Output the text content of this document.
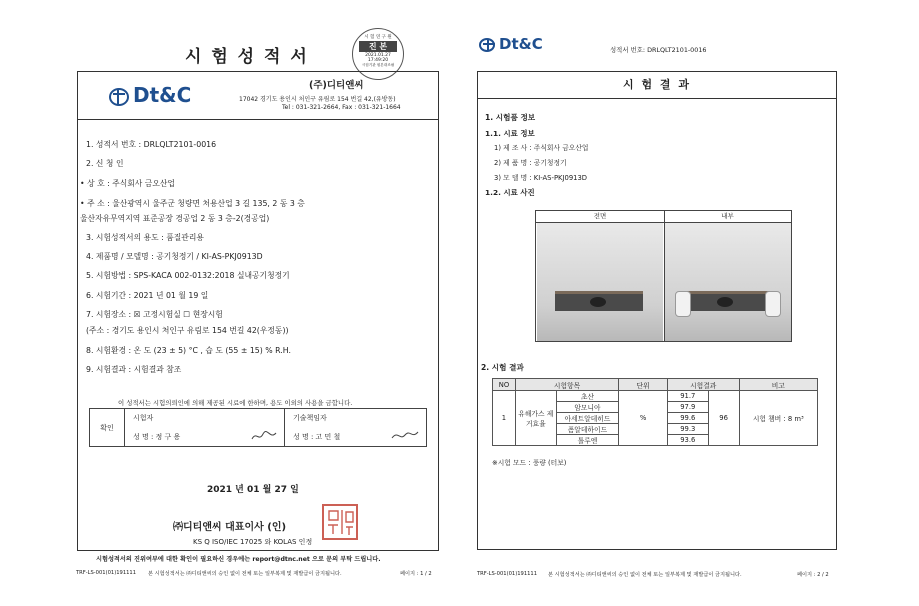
시 험 성 적 서
시 험 연 구 원
진 본
2021.01.27
17:49:20
시험기관 원본대조필
Dt&C	(주)디티앤씨
17042 경기도 용인시 처인구 유림로 154 번길 42,(유방동)
Tel : 031-321-2664, Fax : 031-321-1664
1. 성적서 번호 : DRLQLT2101-0016
2. 신 청 인
• 상 호 : 주식회사 금오산업
• 주 소 : 울산광역시 울주군 청량면 처용산업 3 길 135, 2 동 3 층
울산자유무역지역 표준공장 경공업 2 동 3 층-2(경공업)
3. 시험성적서의 용도 : 품질관리용
4. 제품명 / 모델명 : 공기청정기 / KI-AS-PKJ0913D
5. 시험방법 : SPS-KACA 002-0132:2018 실내공기청정기
6. 시험기간 : 2021 년 01 월 19 일
7. 시험장소 : ☒ 고정시험실 ☐ 현장시험
(주소 : 경기도 용인시 처인구 유림로 154 번길 42(우정동))
8. 시험환경 : 온 도 (23 ± 5) °C , 습 도 (55 ± 15) % R.H.
9. 시험결과 : 시험결과 참조
이 성적서는 시험의뢰인에 의해 제공된 시료에 한하며, 용도 이외의 사용을 금합니다.
확인	시험자	기술책임자
	성 명 : 정 구 용	성 명 : 고 민 철
2021 년 01 월 27 일
㈜디티앤씨 대표이사 (인)
KS Q ISO/IEC 17025 와 KOLAS 인정
시험성적서의 진위여부에 대한 확인이 필요하신 경우에는 report@dtnc.net 으로 문의 부탁 드립니다.
TRF-LS-001(01)191111 본 시험성적서는 ㈜디티앤씨의 승인 없이 전체 또는 일부복제 및 재발급이 금지됩니다.	페이지 : 1 / 2
Dt&C	성적서 번호: DRLQLT2101-0016
시 험 결 과
1. 시험품 정보
1.1. 시료 정보
1) 제 조 사 : 주식회사 금오산업
2) 제 품 명 : 공기청정기
3) 모 델 명 : KI-AS-PKJ0913D
1.2. 시료 사진
전면	내부
2. 시험 결과
NO	시험항목		단위	시험결과		비고
1	유해가스 제거효율	초산	%	91.7	96	시험 챔버 : 8 m³
		암모니아		97.9		
		아세트알데히드		99.6		
		폼알데하이드		99.3		
		톨루엔		93.6		
※시험 모드 : 풍량 (터보)
TRF-LS-001(01)191111 본 시험성적서는 ㈜디티앤씨의 승인 없이 전체 또는 일부복제 및 재발급이 금지됩니다.	페이지 : 2 / 2
